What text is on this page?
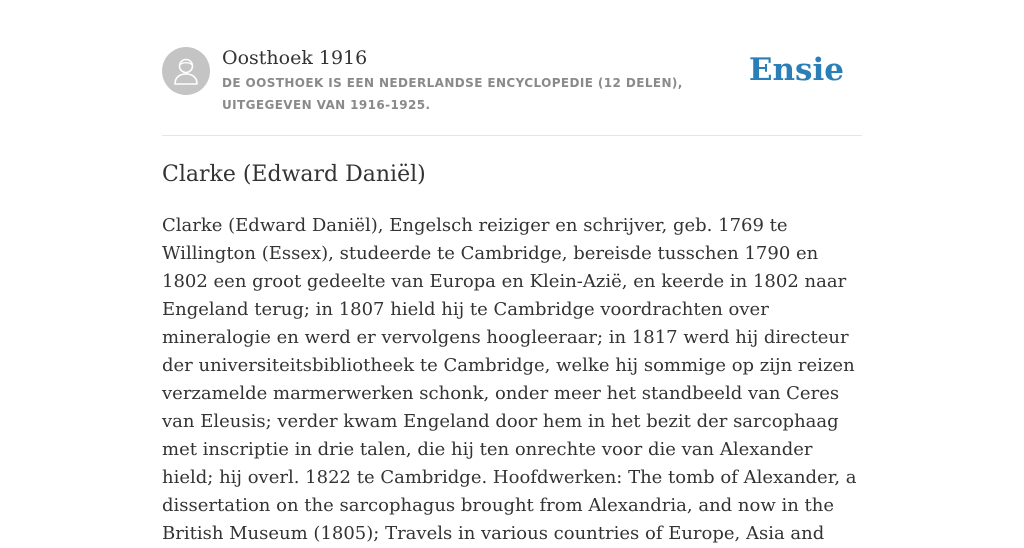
Oosthoek 1916
DE OOSTHOEK IS EEN NEDERLANDSE ENCYCLOPEDIE (12 DELEN), UITGEGEVEN VAN 1916-1925.
Ensie
Clarke (Edward Daniël)

Clarke (Edward Daniël), Engelsch reiziger en schrijver, geb. 1769 te Willington (Essex), studeerde te Cambridge, bereisde tusschen 1790 en 1802 een groot gedeelte van Europa en Klein-Azië, en keerde in 1802 naar Engeland terug; in 1807 hield hij te Cambridge voordrachten over mineralogie en werd er vervolgens hoogleeraar; in 1817 werd hij directeur der universiteitsbibliotheek te Cambridge, welke hij sommige op zijn reizen verzamelde marmerwerken schonk, onder meer het standbeeld van Ceres van Eleusis; verder kwam Engeland door hem in het bezit der sarcophaag met inscriptie in drie talen, die hij ten onrechte voor die van Alexander hield; hij overl. 1822 te Cambridge. Hoofdwerken: The tomb of Alexander, a dissertation on the sarcophagus brought from Alexandria, and now in the British Museum (1805); Travels in various countries of Europe, Asia and
